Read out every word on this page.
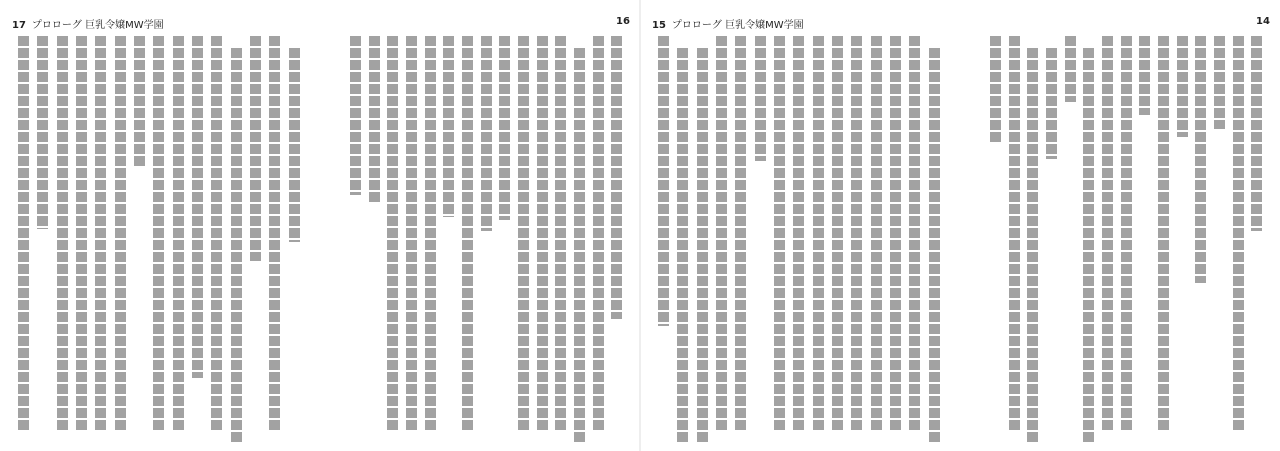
17 プロローグ 巨乳令嬢MW学園	16	15 プロローグ 巨乳令嬢MW学園	14
